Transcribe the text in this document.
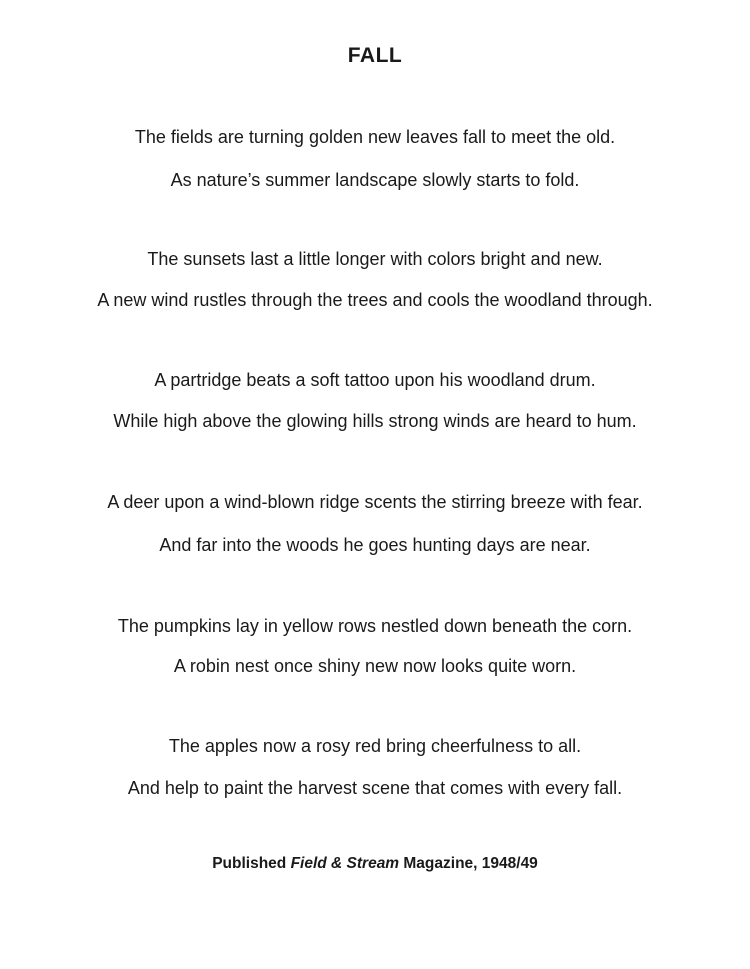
FALL
The fields are turning golden new leaves fall to meet the old.
As nature’s summer landscape slowly starts to fold.
The sunsets last a little longer with colors bright and new.
A new wind rustles through the trees and cools the woodland through.
A partridge beats a soft tattoo upon his woodland drum.
While high above the glowing hills strong winds are heard to hum.
A deer upon a wind-blown ridge scents the stirring breeze with fear.
And far into the woods he goes hunting days are near.
The pumpkins lay in yellow rows nestled down beneath the corn.
A robin nest once shiny new now looks quite worn.
The apples now a rosy red bring cheerfulness to all.
And help to paint the harvest scene that comes with every fall.
Published Field & Stream Magazine, 1948/49
